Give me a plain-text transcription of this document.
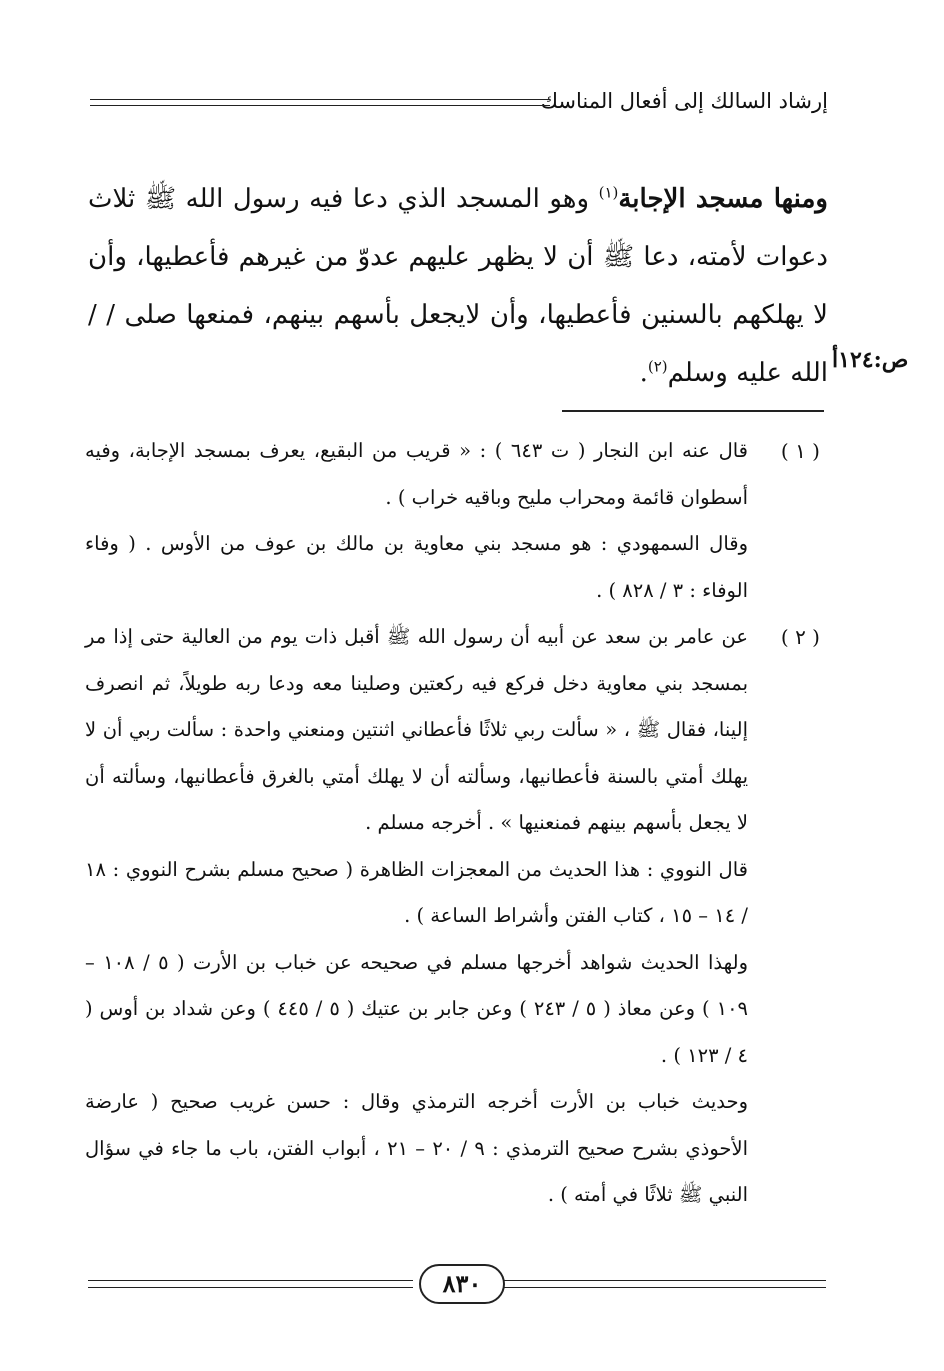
إرشاد السالك إلى أفعال المناسك

ومنها مسجد الإجابة$^{(١)}$ وهو المسجد الذي دعا فيه رسول الله ﷺ ثلاث دعوات لأمته، دعا ﷺ أن لا يظهر عليهم عدوّ من غيرهم فأعطيها، وأن لا يهلكهم بالسنين فأعطيها، وأن لايجعل بأسهم بينهم، فمنعها صلى / / الله عليه وسلم$^{(٢)}$.	ص:١٢٤أ
( ١ )

قال عنه ابن النجار ( ت ٦٤٣ ) : « قريب من البقيع، يعرف بمسجد الإجابة، وفيه أسطوان قائمة ومحراب مليح وباقيه خراب ) .

وقال السمهودي : هو مسجد بني معاوية بن مالك بن عوف من الأوس . ( وفاء الوفاء : ٣ / ٨٢٨ ) .

( ٢ )

عن عامر بن سعد عن أبيه أن رسول الله ﷺ أقبل ذات يوم من العالية حتى إذا مر بمسجد بني معاوية دخل فركع فيه ركعتين وصلينا معه ودعا ربه طويلاً، ثم انصرف إلينا، فقال ﷺ ، « سألت ربي ثلاثًا فأعطاني اثنتين ومنعني واحدة : سألت ربي أن لا يهلك أمتي بالسنة فأعطانيها، وسألته أن لا يهلك أمتي بالغرق فأعطانيها، وسألته أن لا يجعل بأسهم بينهم فمنعنيها » . أخرجه مسلم .

قال النووي : هذا الحديث من المعجزات الظاهرة ( صحيح مسلم بشرح النووي : ١٨ / ١٤ – ١٥ ، كتاب الفتن وأشراط الساعة ) .

ولهذا الحديث شواهد أخرجها مسلم في صحيحه عن خباب بن الأرت ( ٥ / ١٠٨ – ١٠٩ ) وعن معاذ ( ٥ / ٢٤٣ ) وعن جابر بن عتيك ( ٥ / ٤٤٥ ) وعن شداد بن أوس ( ٤ / ١٢٣ ) .

وحديث خباب بن الأرت أخرجه الترمذي وقال : حسن غريب صحيح ( عارضة الأحوذي بشرح صحيح الترمذي : ٩ / ٢٠ – ٢١ ، أبواب الفتن، باب ما جاء في سؤال النبي ﷺ ثلاثًا في أمته ) .

٨٣٠
